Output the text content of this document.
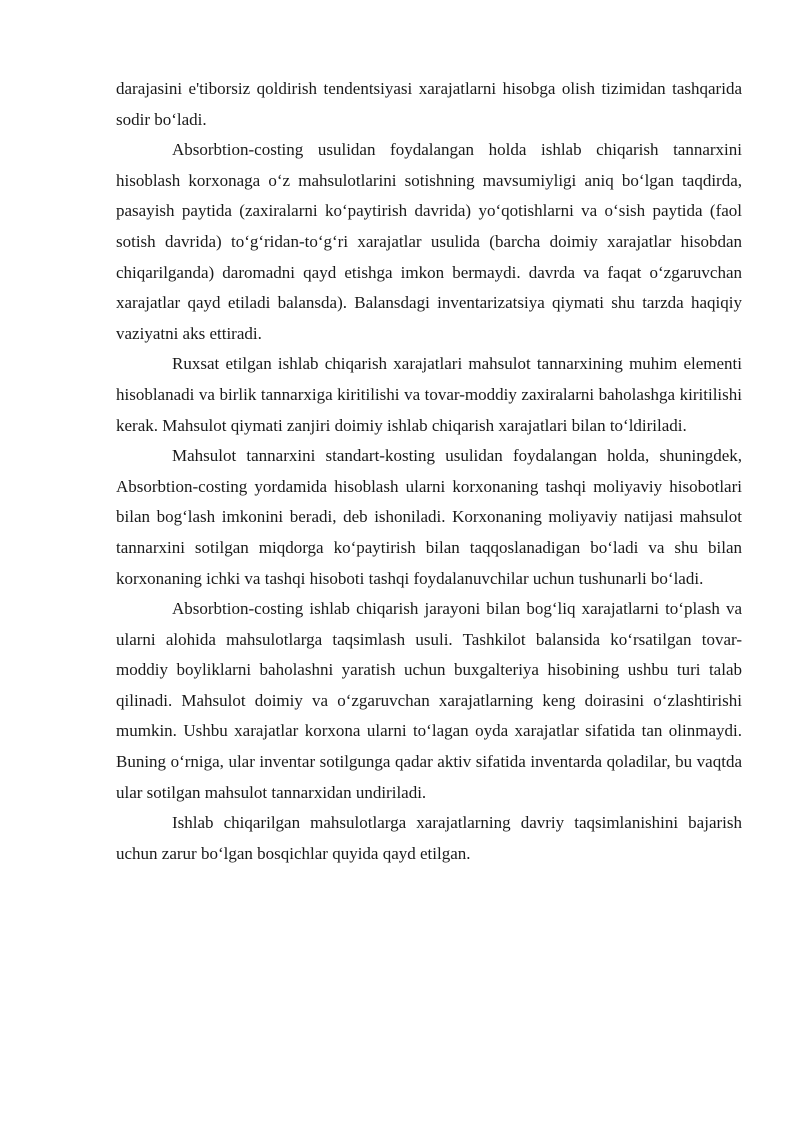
darajasini e'tiborsiz qoldirish tendentsiyasi xarajatlarni hisobga olish tizimidan tashqarida sodir bo‘ladi.

Absorbtion-costing usulidan foydalangan holda ishlab chiqarish tannarxini hisoblash korxonaga o‘z mahsulotlarini sotishning mavsumiyligi aniq bo‘lgan taqdirda, pasayish paytida (zaxiralarni ko‘paytirish davrida) yo‘qotishlarni va o‘sish paytida (faol sotish davrida) to‘g‘ridan-to‘g‘ri xarajatlar usulida (barcha doimiy xarajatlar hisobdan chiqarilganda) daromadni qayd etishga imkon bermaydi. davrda va faqat o‘zgaruvchan xarajatlar qayd etiladi balansda). Balansdagi inventarizatsiya qiymati shu tarzda haqiqiy vaziyatni aks ettiradi.

Ruxsat etilgan ishlab chiqarish xarajatlari mahsulot tannarxining muhim elementi hisoblanadi va birlik tannarxiga kiritilishi va tovar-moddiy zaxiralarni baholashga kiritilishi kerak. Mahsulot qiymati zanjiri doimiy ishlab chiqarish xarajatlari bilan to‘ldiriladi.

Mahsulot tannarxini standart-kosting usulidan foydalangan holda, shuningdek, Absorbtion-costing yordamida hisoblash ularni korxonaning tashqi moliyaviy hisobotlari bilan bog‘lash imkonini beradi, deb ishoniladi. Korxonaning moliyaviy natijasi mahsulot tannarxini sotilgan miqdorga ko‘paytirish bilan taqqoslanadigan bo‘ladi va shu bilan korxonaning ichki va tashqi hisoboti tashqi foydalanuvchilar uchun tushunarli bo‘ladi.

Absorbtion-costing ishlab chiqarish jarayoni bilan bog‘liq xarajatlarni to‘plash va ularni alohida mahsulotlarga taqsimlash usuli. Tashkilot balansida ko‘rsatilgan tovar-moddiy boyliklarni baholashni yaratish uchun buxgalteriya hisobining ushbu turi talab qilinadi. Mahsulot doimiy va o‘zgaruvchan xarajatlarning keng doirasini o‘zlashtirishi mumkin. Ushbu xarajatlar korxona ularni to‘lagan oyda xarajatlar sifatida tan olinmaydi. Buning o‘rniga, ular inventar sotilgunga qadar aktiv sifatida inventarda qoladilar, bu vaqtda ular sotilgan mahsulot tannarxidan undiriladi.

Ishlab chiqarilgan mahsulotlarga xarajatlarning davriy taqsimlanishini bajarish uchun zarur bo‘lgan bosqichlar quyida qayd etilgan.
